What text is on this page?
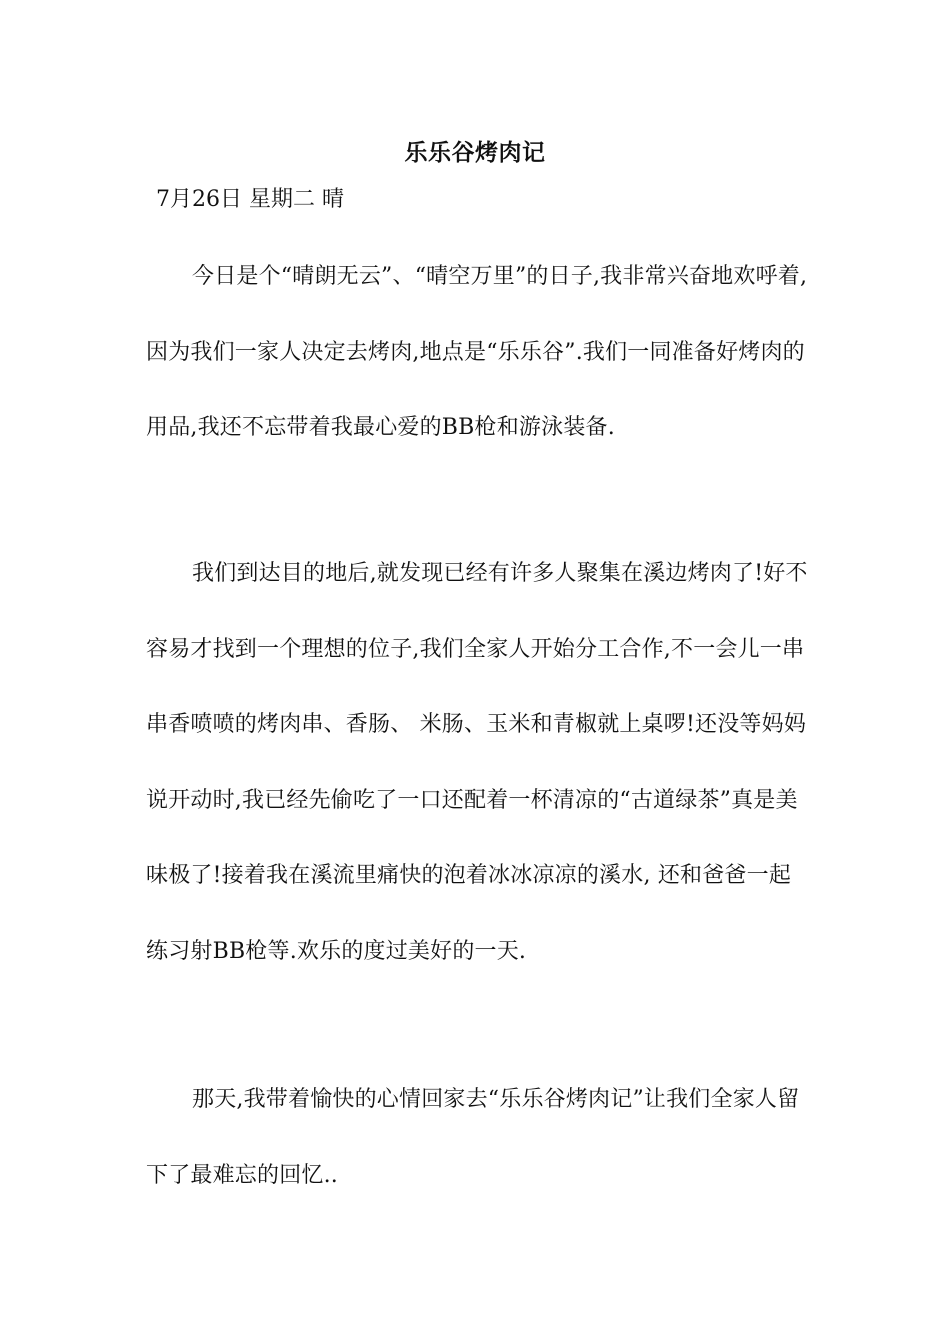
乐乐谷烤肉记
7月26日 星期二 晴

今日是个“晴朗无云”、“晴空万里”的日子,我非常兴奋地欢呼着,因为我们一家人决定去烤肉,地点是“乐乐谷”.我们一同准备好烤肉的用品,我还不忘带着我最心爱的BB枪和游泳装备.

我们到达目的地后,就发现已经有许多人聚集在溪边烤肉了!好不容易才找到一个理想的位子,我们全家人开始分工合作,不一会儿一串串香喷喷的烤肉串、香肠、 米肠、玉米和青椒就上桌啰!还没等妈妈说开动时,我已经先偷吃了一口还配着一杯清凉的“古道绿茶”真是美味极了!接着我在溪流里痛快的泡着冰冰凉凉的溪水, 还和爸爸一起练习射BB枪等.欢乐的度过美好的一天.

那天,我带着愉快的心情回家去“乐乐谷烤肉记”让我们全家人留下了最难忘的回忆..
